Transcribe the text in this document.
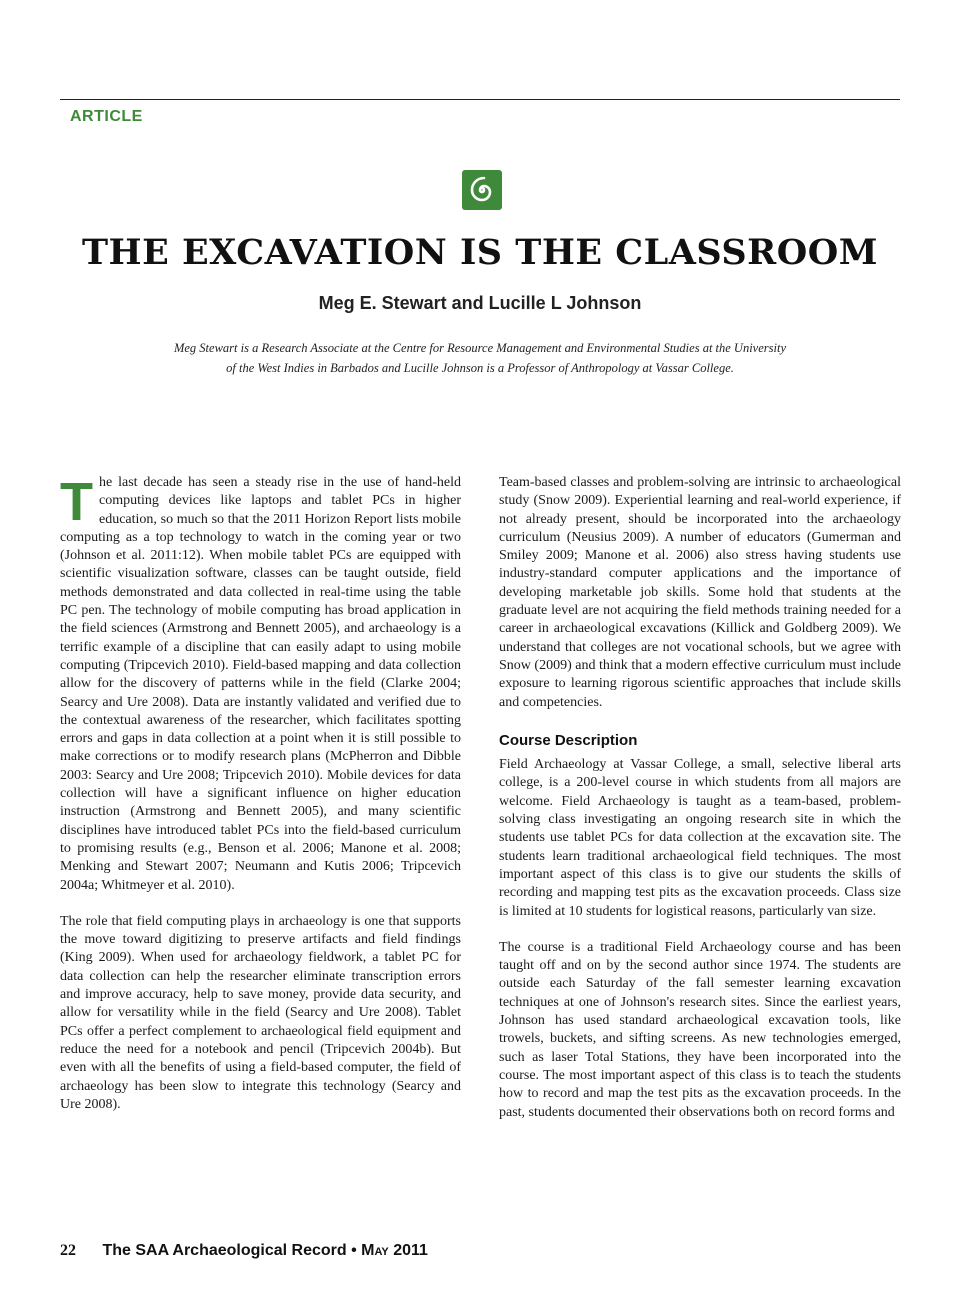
ARTICLE
THE EXCAVATION IS THE CLASSROOM
Meg E. Stewart and Lucille L Johnson
Meg Stewart is a Research Associate at the Centre for Resource Management and Environmental Studies at the University of the West Indies in Barbados and Lucille Johnson is a Professor of Anthropology at Vassar College.

The last decade has seen a steady rise in the use of hand-held computing devices like laptops and tablet PCs in higher education, so much so that the 2011 Horizon Report lists mobile computing as a top technology to watch in the coming year or two (Johnson et al. 2011:12). When mobile tablet PCs are equipped with scientific visualization software, classes can be taught outside, field methods demonstrated and data collected in real-time using the table PC pen. The technology of mobile computing has broad application in the field sciences (Armstrong and Bennett 2005), and archaeology is a terrific example of a discipline that can easily adapt to using mobile computing (Tripcevich 2010). Field-based mapping and data collection allow for the discovery of patterns while in the field (Clarke 2004; Searcy and Ure 2008). Data are instantly validated and verified due to the contextual awareness of the researcher, which facilitates spotting errors and gaps in data collection at a point when it is still possible to make corrections or to modify research plans (McPherron and Dibble 2003: Searcy and Ure 2008; Tripcevich 2010). Mobile devices for data collection will have a significant influence on higher education instruction (Armstrong and Bennett 2005), and many scientific disciplines have introduced tablet PCs into the field-based curriculum to promising results (e.g., Benson et al. 2006; Manone et al. 2008; Menking and Stewart 2007; Neumann and Kutis 2006; Tripcevich 2004a; Whitmeyer et al. 2010).

The role that field computing plays in archaeology is one that supports the move toward digitizing to preserve artifacts and field findings (King 2009). When used for archaeology fieldwork, a tablet PC for data collection can help the researcher eliminate transcription errors and improve accuracy, help to save money, provide data security, and allow for versatility while in the field (Searcy and Ure 2008). Tablet PCs offer a perfect complement to archaeological field equipment and reduce the need for a notebook and pencil (Tripcevich 2004b). But even with all the benefits of using a field-based computer, the field of archaeology has been slow to integrate this technology (Searcy and Ure 2008).

Team-based classes and problem-solving are intrinsic to archaeological study (Snow 2009). Experiential learning and real-world experience, if not already present, should be incorporated into the archaeology curriculum (Neusius 2009). A number of educators (Gumerman and Smiley 2009; Manone et al. 2006) also stress having students use industry-standard computer applications and the importance of developing marketable job skills. Some hold that students at the graduate level are not acquiring the field methods training needed for a career in archaeological excavations (Killick and Goldberg 2009). We understand that colleges are not vocational schools, but we agree with Snow (2009) and think that a modern effective curriculum must include exposure to learning rigorous scientific approaches that include skills and competencies.

Course Description

Field Archaeology at Vassar College, a small, selective liberal arts college, is a 200-level course in which students from all majors are welcome. Field Archaeology is taught as a team-based, problem-solving class investigating an ongoing research site in which the students use tablet PCs for data collection at the excavation site. The students learn traditional archaeological field techniques. The most important aspect of this class is to give our students the skills of recording and mapping test pits as the excavation proceeds. Class size is limited at 10 students for logistical reasons, particularly van size.

The course is a traditional Field Archaeology course and has been taught off and on by the second author since 1974. The students are outside each Saturday of the fall semester learning excavation techniques at one of Johnson's research sites. Since the earliest years, Johnson has used standard archaeological excavation tools, like trowels, buckets, and sifting screens. As new technologies emerged, such as laser Total Stations, they have been incorporated into the course. The most important aspect of this class is to teach the students how to record and map the test pits as the excavation proceeds. In the past, students documented their observations both on record forms and

22 The SAA Archaeological Record • May 2011
